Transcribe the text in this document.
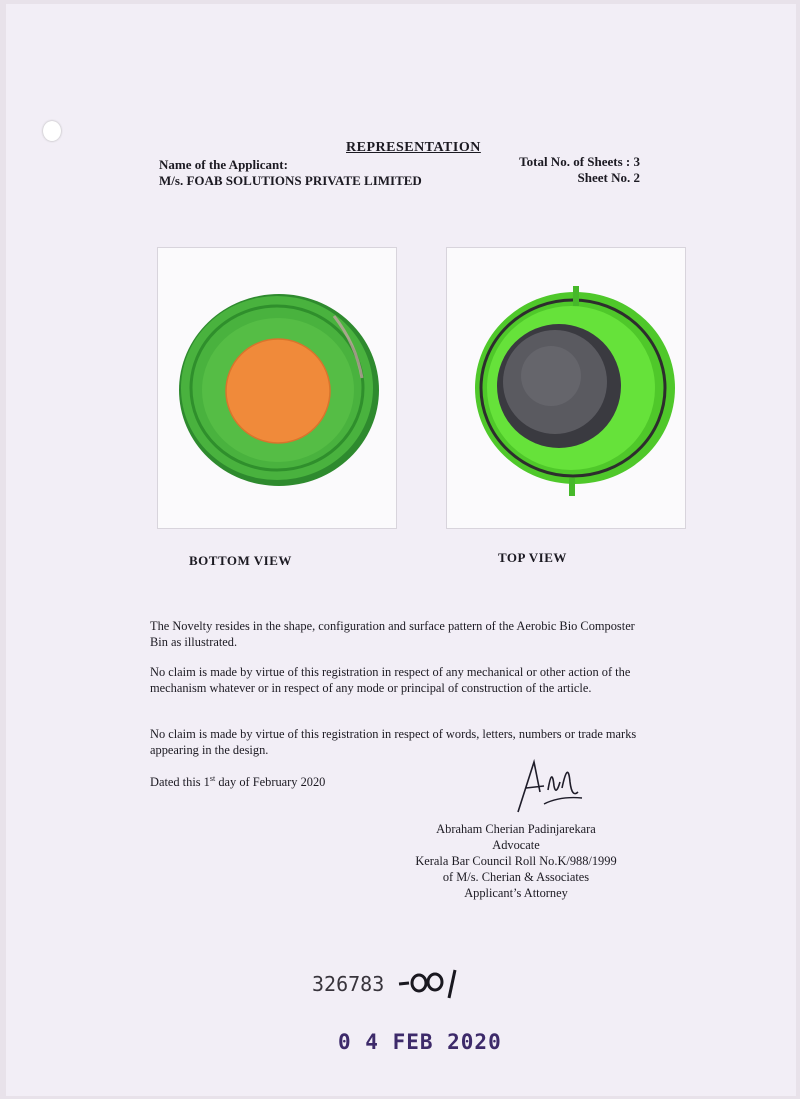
REPRESENTATION
Name of the Applicant:
M/s. FOAB SOLUTIONS PRIVATE LIMITED
Total No. of Sheets : 3
Sheet No. 2
BOTTOM VIEW	TOP VIEW
The Novelty resides in the shape, configuration and surface pattern of the Aerobic Bio Composter Bin as illustrated.
No claim is made by virtue of this registration in respect of any mechanical or other action of the mechanism whatever or in respect of any mode or principal of construction of the article.
No claim is made by virtue of this registration in respect of words, letters, numbers or trade marks appearing in the design.
Dated this 1st day of February 2020
Abraham Cherian Padinjarekara
Advocate
Kerala Bar Council Roll No.K/988/1999
of M/s. Cherian & Associates
Applicant’s Attorney
326783
0 4 FEB 2020
